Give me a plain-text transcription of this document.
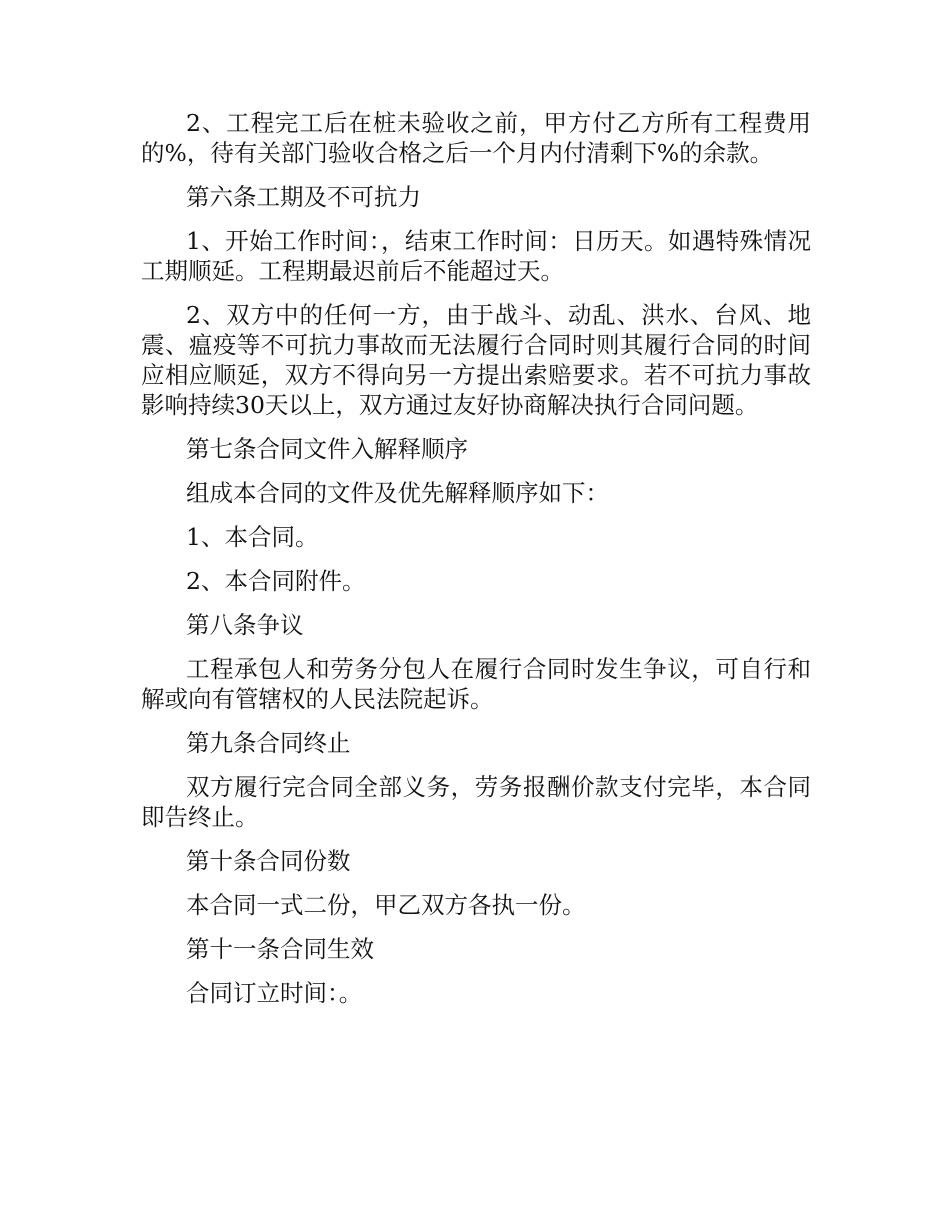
2、工程完工后在桩未验收之前，甲方付乙方所有工程费用的%，待有关部门验收合格之后一个月内付清剩下%的余款。

第六条工期及不可抗力

1、开始工作时间：，结束工作时间：日历天。如遇特殊情况工期顺延。工程期最迟前后不能超过天。

2、双方中的任何一方，由于战斗、动乱、洪水、台风、地震、瘟疫等不可抗力事故而无法履行合同时则其履行合同的时间应相应顺延，双方不得向另一方提出索赔要求。若不可抗力事故影响持续30天以上，双方通过友好协商解决执行合同问题。

第七条合同文件入解释顺序

组成本合同的文件及优先解释顺序如下：

1、本合同。

2、本合同附件。

第八条争议

工程承包人和劳务分包人在履行合同时发生争议，可自行和解或向有管辖权的人民法院起诉。

第九条合同终止

双方履行完合同全部义务，劳务报酬价款支付完毕，本合同即告终止。

第十条合同份数

本合同一式二份，甲乙双方各执一份。

第十一条合同生效

合同订立时间：。
